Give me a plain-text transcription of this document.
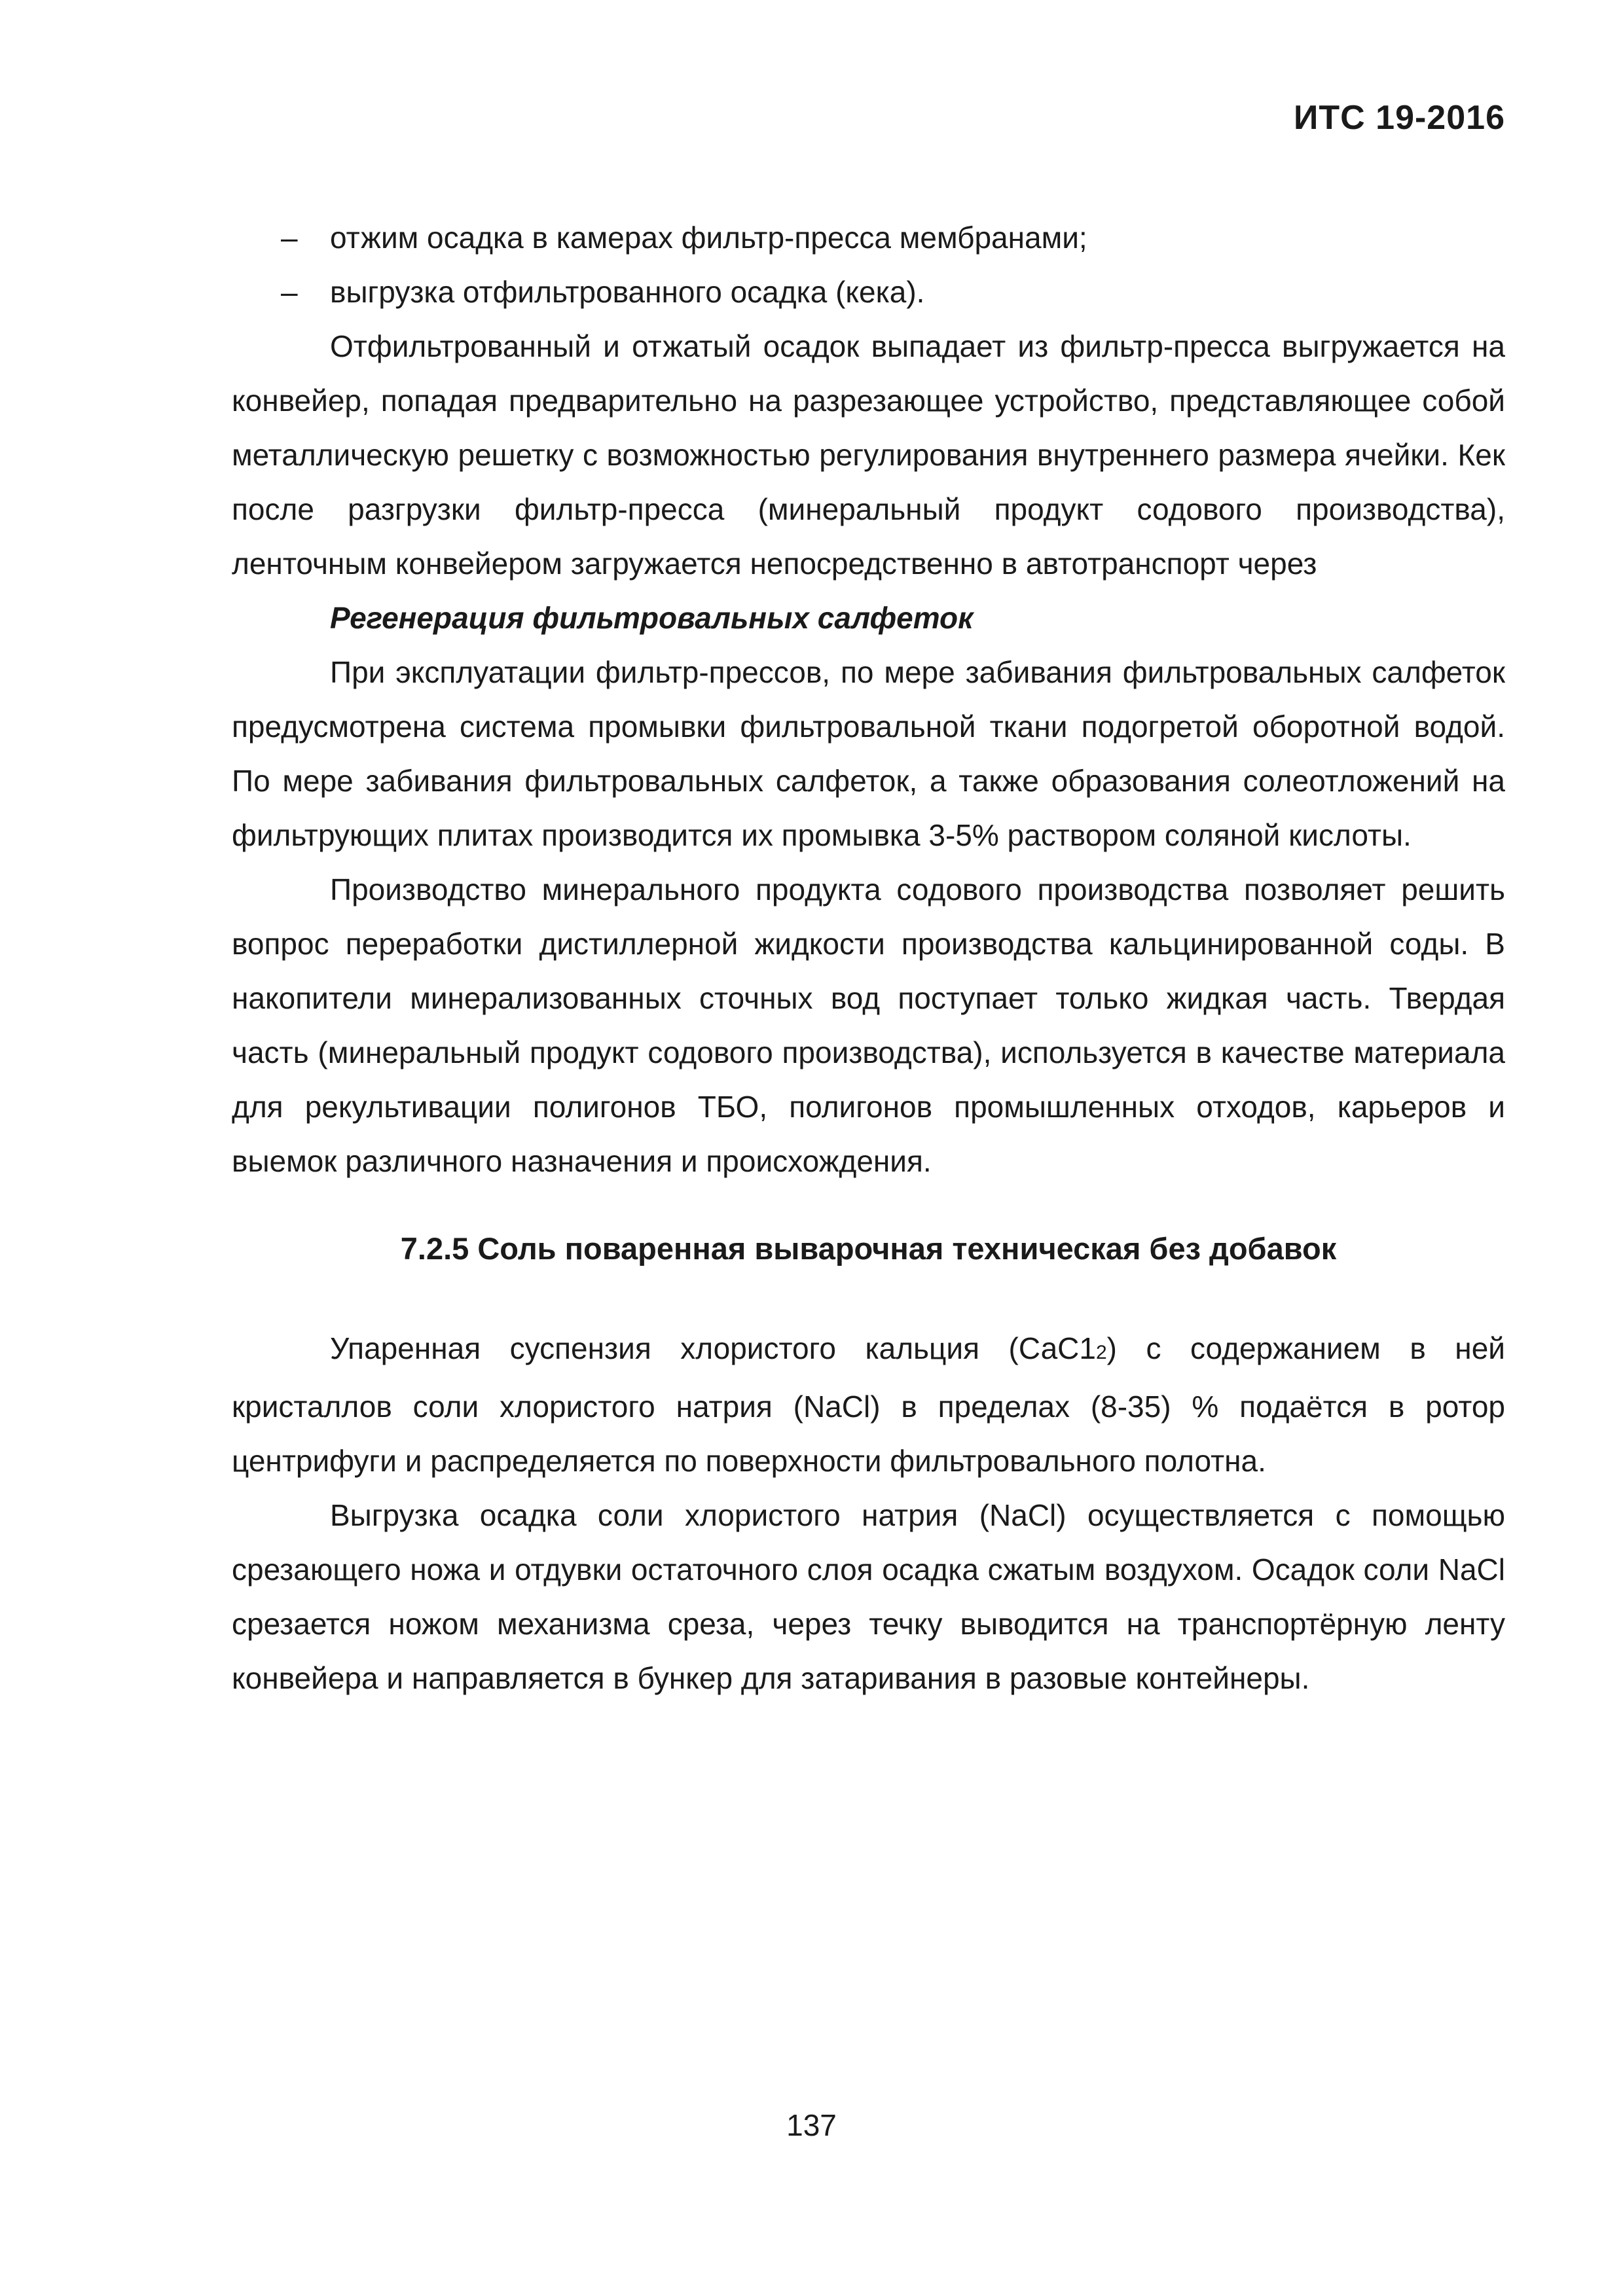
ИТС 19-2016
– отжим осадка в камерах фильтр-пресса мембранами;
– выгрузка отфильтрованного осадка (кека).

Отфильтрованный и отжатый осадок выпадает из фильтр-пресса выгружается на конвейер, попадая предварительно на разрезающее устройство, представляющее собой металлическую решетку с возможностью регулирования внутреннего размера ячейки. Кек после разгрузки фильтр-пресса (минеральный продукт содового производства), ленточным конвейером загружается непосредственно в автотранспорт через

Регенерация фильтровальных салфеток

При эксплуатации фильтр-прессов, по мере забивания фильтровальных салфеток предусмотрена система промывки фильтровальной ткани подогретой оборотной водой. По мере забивания фильтровальных салфеток, а также образования солеотложений на фильтрующих плитах производится их промывка 3-5% раствором соляной кислоты.

Производство минерального продукта содового производства позволяет решить вопрос переработки дистиллерной жидкости производства кальцинированной соды. В накопители минерализованных сточных вод поступает только жидкая часть. Твердая часть (минеральный продукт содового производства), используется в качестве материала для рекультивации полигонов ТБО, полигонов промышленных отходов, карьеров и выемок различного назначения и происхождения.

7.2.5 Соль поваренная выварочная техническая без добавок

Упаренная суспензия хлористого кальция (СаС12) с содержанием в ней кристаллов соли хлористого натрия (NaCl) в пределах (8-35) % подаётся в ротор центрифуги и распределяется по поверхности фильтровального полотна.

Выгрузка осадка соли хлористого натрия (NaCl) осуществляется с помощью срезающего ножа и отдувки остаточного слоя осадка сжатым воздухом. Осадок соли NaCl срезается ножом механизма среза, через течку выводится на транспортёрную ленту конвейера и направляется в бункер для затаривания в разовые контейнеры.

137
